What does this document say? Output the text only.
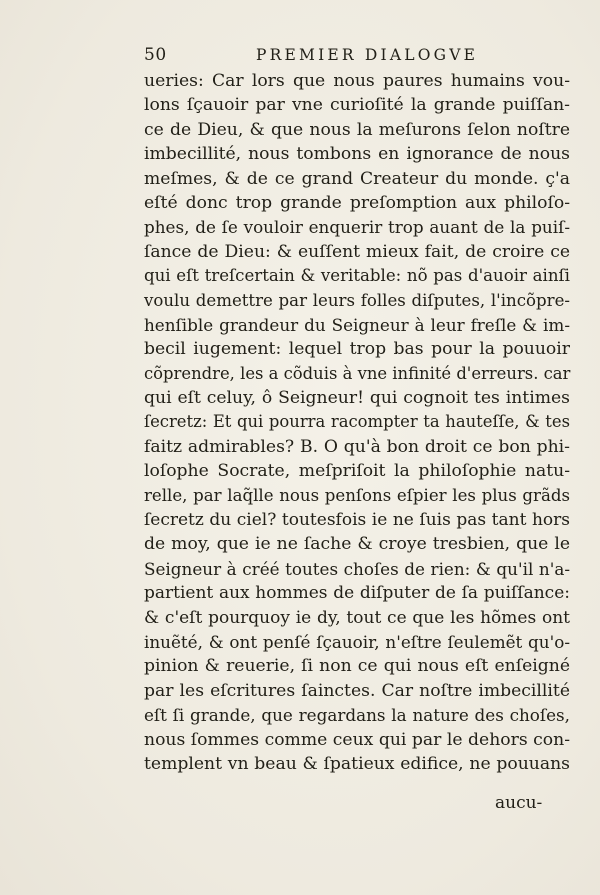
50	PREMIER DIALOGVE
ueries: Car lors que nous paures humains vou-
lons ſçauoir par vne curioſité la grande puiſſan-
ce de Dieu, & que nous la meſurons ſelon noſtre
imbecillité, nous tombons en ignorance de nous
meſmes, & de ce grand Createur du monde. ç'a
eſté donc trop grande preſomption aux philoſo-
phes, de ſe vouloir enquerir trop auant de la puiſ-
ſance de Dieu: & euſſent mieux fait, de croire ce
qui eſt treſcertain & veritable: nõ pas d'auoir ainſi
voulu demettre par leurs folles diſputes, l'incõpre-
henſible grandeur du Seigneur à leur freſle & im-
becil iugement: lequel trop bas pour la pouuoir
cõprendre, les a cõduis à vne infinité d'erreurs. car
qui eſt celuy, ô Seigneur! qui cognoit tes intimes
ſecretz: Et qui pourra racompter ta hauteſſe, & tes
faitz admirables? B. O qu'à bon droit ce bon phi-
loſophe Socrate, meſpriſoit la philoſophie natu-
relle, par laq̃lle nous penſons eſpier les plus grãds
ſecretz du ciel? toutesfois ie ne ſuis pas tant hors
de moy, que ie ne ſache & croye tresbien, que le
Seigneur à créé toutes choſes de rien: & qu'il n'a-
partient aux hommes de diſputer de ſa puiſſance:
& c'eſt pourquoy ie dy, tout ce que les hõmes ont
inuẽté, & ont penſé ſçauoir, n'eſtre ſeulemẽt qu'o-
pinion & reuerie, ſi non ce qui nous eſt enſeigné
par les eſcritures ſainctes. Car noſtre imbecillité
eſt ſi grande, que regardans la nature des choſes,
nous ſommes comme ceux qui par le dehors con-
templent vn beau & ſpatieux edifice, ne pouuans
aucu-
